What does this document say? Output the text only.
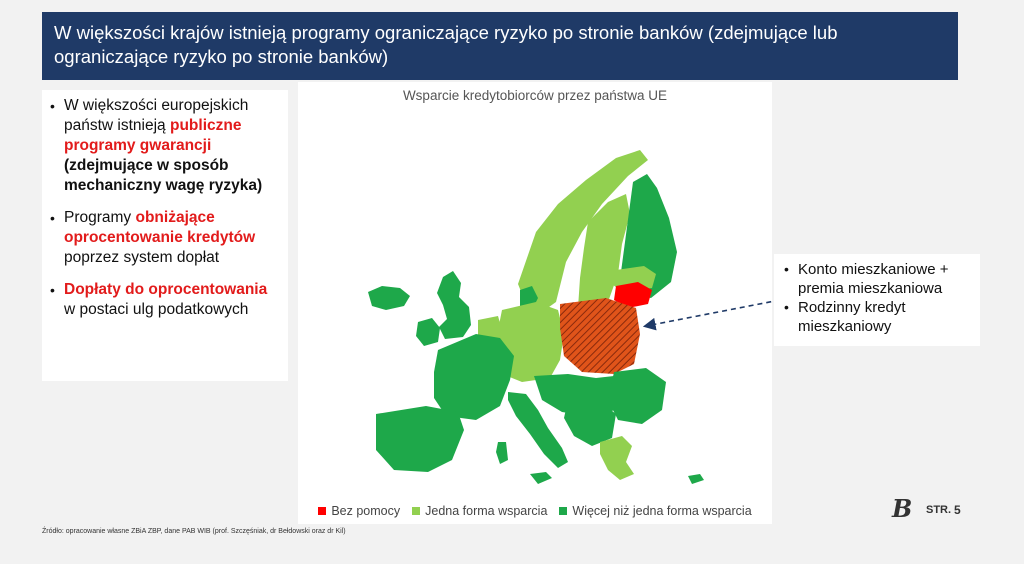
W większości krajów istnieją programy ograniczające ryzyko po stronie banków (zdejmujące lub ograniczające ryzyko po stronie banków)
• W większości europejskich państw istnieją publiczne programy gwarancji (zdejmujące w sposób mechaniczny wagę ryzyka)
• Programy obniżające oprocentowanie kredytów poprzez system dopłat
• Dopłaty do oprocentowania w postaci ulg podatkowych
Wsparcie kredytobiorców przez państwa UE
Bez pomocy Jedna forma wsparcia Więcej niż jedna forma wsparcia
• Konto mieszkaniowe + premia mieszkaniowa
• Rodzinny kredyt mieszkaniowy
Źródło: opracowanie własne ZBiA ZBP, dane PAB WIB (prof. Szczęśniak, dr Bełdowski oraz dr Kil)
B STR. 5
